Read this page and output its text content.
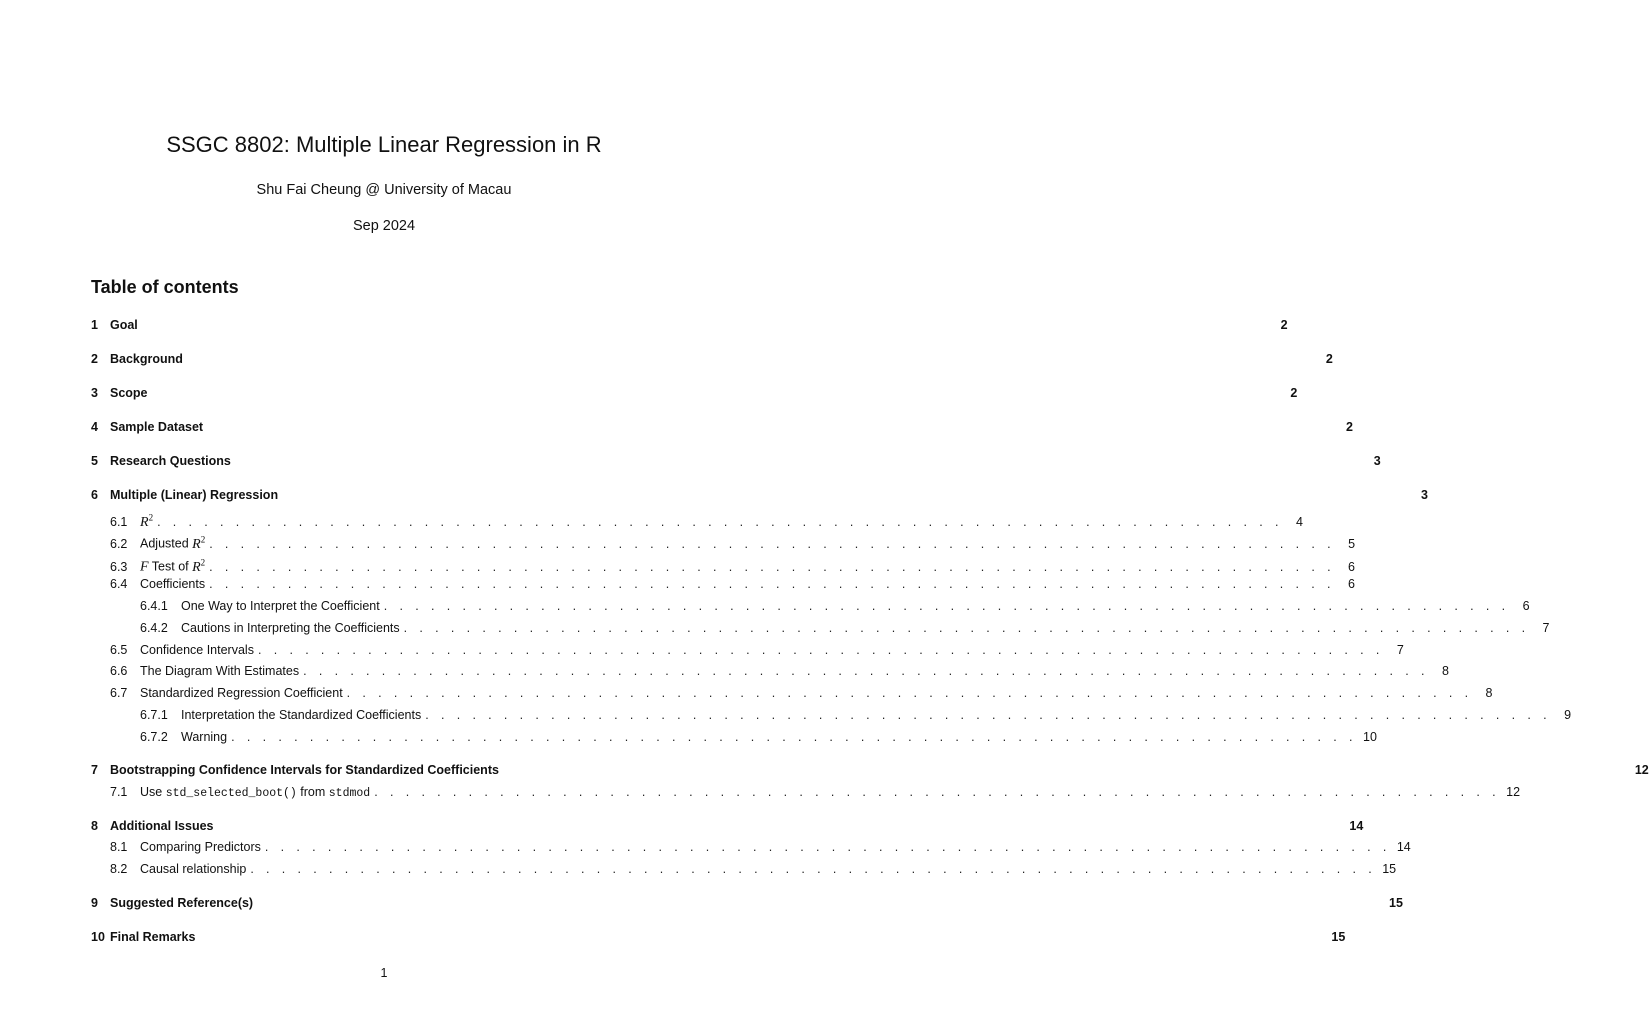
SSGC 8802: Multiple Linear Regression in R
Shu Fai Cheung @ University of Macau
Sep 2024
Table of contents
1 Goal	2
2 Background	2
3 Scope	2
4 Sample Dataset	2
5 Research Questions	3
6 Multiple (Linear) Regression	3
6.1 $R^2$ . . . . . . . . . . . . . . . . . . . . . . . . . . . . . . . . . . . . . . . . . . . . . . . . . . . . . . . . . . . . . . . . . . . . . . . .	4
6.2	Adjusted $R^2$ . . . . . . . . . . . . . . . . . . . . . . . . . . . . . . . . . . . . . . . . . . . . . . . . . . . . . . . . . . . . . . . . . . . . . . . .	5
6.3 F Test of $R^2$ . . . . . . . . . . . . . . . . . . . . . . . . . . . . . . . . . . . . . . . . . . . . . . . . . . . . . . . . . . . . . . . . . . . . . . . .	6
6.4	Coefficients . . . . . . . . . . . . . . . . . . . . . . . . . . . . . . . . . . . . . . . . . . . . . . . . . . . . . . . . . . . . . . . . . . . . . . . .	6
6.4.1	One Way to Interpret the Coefficient . . . . . . . . . . . . . . . . . . . . . . . . . . . . . . . . . . . . . . . . . . . . . . . . . . . . . . . . . . . . . . . . . . . . . . . .	6
6.4.2	Cautions in Interpreting the Coefficients . . . . . . . . . . . . . . . . . . . . . . . . . . . . . . . . . . . . . . . . . . . . . . . . . . . . . . . . . . . . . . . . . . . . . . . .	7
6.5	Confidence Intervals . . . . . . . . . . . . . . . . . . . . . . . . . . . . . . . . . . . . . . . . . . . . . . . . . . . . . . . . . . . . . . . . . . . . . . . .	7
6.6	The Diagram With Estimates . . . . . . . . . . . . . . . . . . . . . . . . . . . . . . . . . . . . . . . . . . . . . . . . . . . . . . . . . . . . . . . . . . . . . . . .	8
6.7	Standardized Regression Coefficient . . . . . . . . . . . . . . . . . . . . . . . . . . . . . . . . . . . . . . . . . . . . . . . . . . . . . . . . . . . . . . . . . . . . . . . .	8
6.7.1	Interpretation the Standardized Coefficients . . . . . . . . . . . . . . . . . . . . . . . . . . . . . . . . . . . . . . . . . . . . . . . . . . . . . . . . . . . . . . . . . . . . . . . .	9
6.7.2	Warning . . . . . . . . . . . . . . . . . . . . . . . . . . . . . . . . . . . . . . . . . . . . . . . . . . . . . . . . . . . . . . . . . . . . . . . . 10
7 Bootstrapping Confidence Intervals for Standardized Coefficients	12
7.1	Use std_selected_boot() from stdmod . . . . . . . . . . . . . . . . . . . . . . . . . . . . . . . . . . . . . . . . . . . . . . . . . . . . . . . . . . . . . . . . . . . . . . . . 12
8 Additional Issues	14
8.1	Comparing Predictors . . . . . . . . . . . . . . . . . . . . . . . . . . . . . . . . . . . . . . . . . . . . . . . . . . . . . . . . . . . . . . . . . . . . . . . . 14
8.2	Causal relationship . . . . . . . . . . . . . . . . . . . . . . . . . . . . . . . . . . . . . . . . . . . . . . . . . . . . . . . . . . . . . . . . . . . . . . . . 15
9 Suggested Reference(s)	15
10 Final Remarks	15
1
